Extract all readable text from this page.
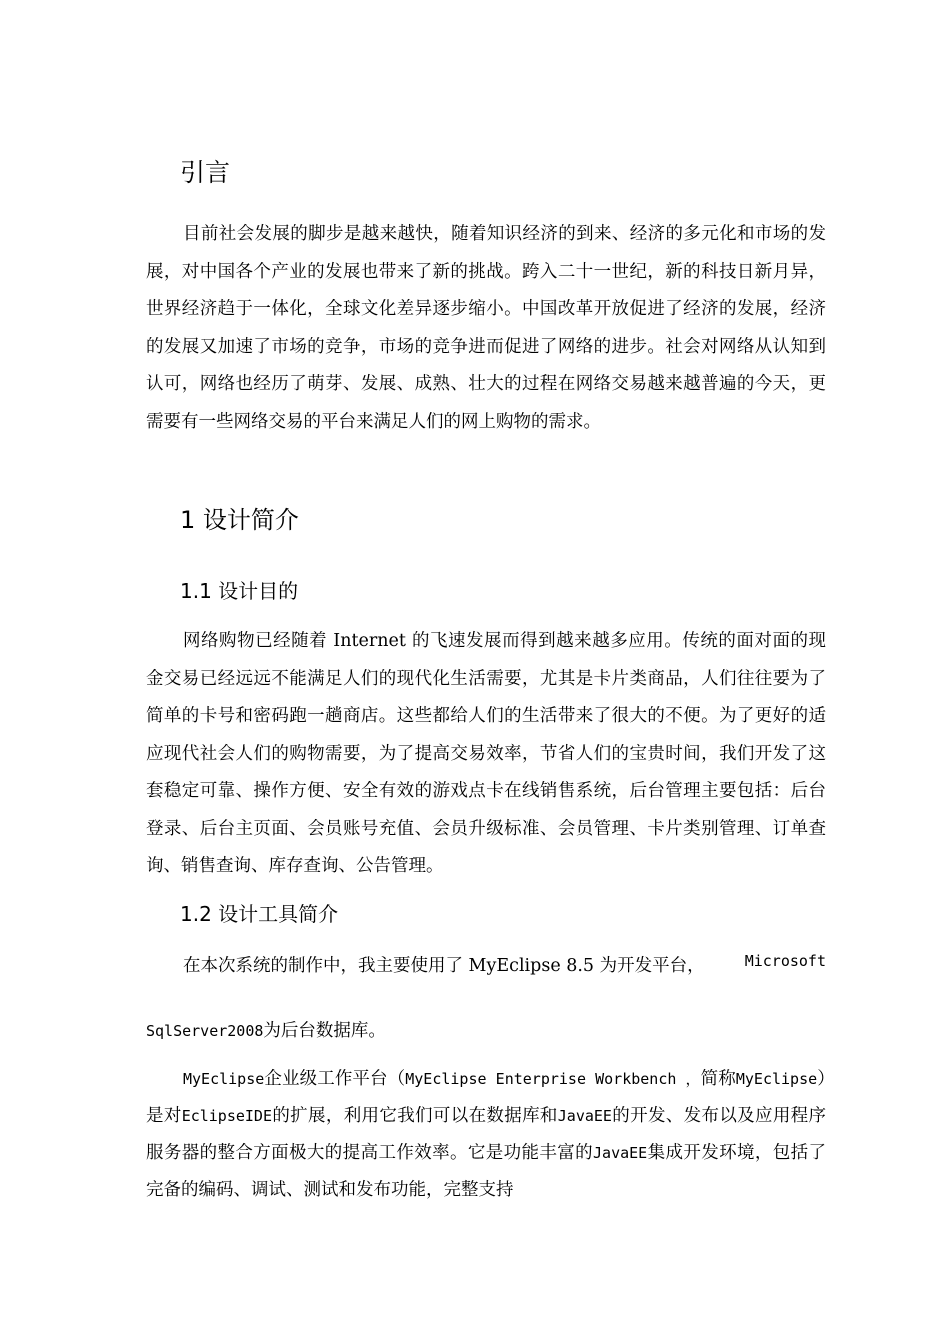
引言

目前社会发展的脚步是越来越快，随着知识经济的到来、经济的多元化和市场的发展，对中国各个产业的发展也带来了新的挑战。跨入二十一世纪，新的科技日新月异，世界经济趋于一体化，全球文化差异逐步缩小。中国改革开放促进了经济的发展，经济的发展又加速了市场的竞争，市场的竞争进而促进了网络的进步。社会对网络从认知到认可，网络也经历了萌芽、发展、成熟、壮大的过程在网络交易越来越普遍的今天，更需要有一些网络交易的平台来满足人们的网上购物的需求。

1 设计简介
1.1 设计目的

网络购物已经随着 Internet 的飞速发展而得到越来越多应用。传统的面对面的现金交易已经远远不能满足人们的现代化生活需要，尤其是卡片类商品，人们往往要为了简单的卡号和密码跑一趟商店。这些都给人们的生活带来了很大的不便。为了更好的适应现代社会人们的购物需要，为了提高交易效率，节省人们的宝贵时间，我们开发了这套稳定可靠、操作方便、安全有效的游戏点卡在线销售系统，后台管理主要包括：后台登录、后台主页面、会员账号充值、会员升级标准、会员管理、卡片类别管理、订单查询、销售查询、库存查询、公告管理。

1.2 设计工具简介
在本次系统的制作中，我主要使用了 MyEclipse 8.5 为开发平台，	Microsoft
SqlServer2008为后台数据库。

MyEclipse企业级工作平台（MyEclipse Enterprise Workbench ，简称MyEclipse）是对EclipseIDE的扩展，利用它我们可以在数据库和JavaEE的开发、发布以及应用程序服务器的整合方面极大的提高工作效率。它是功能丰富的JavaEE集成开发环境，包括了完备的编码、调试、测试和发布功能，完整支持
